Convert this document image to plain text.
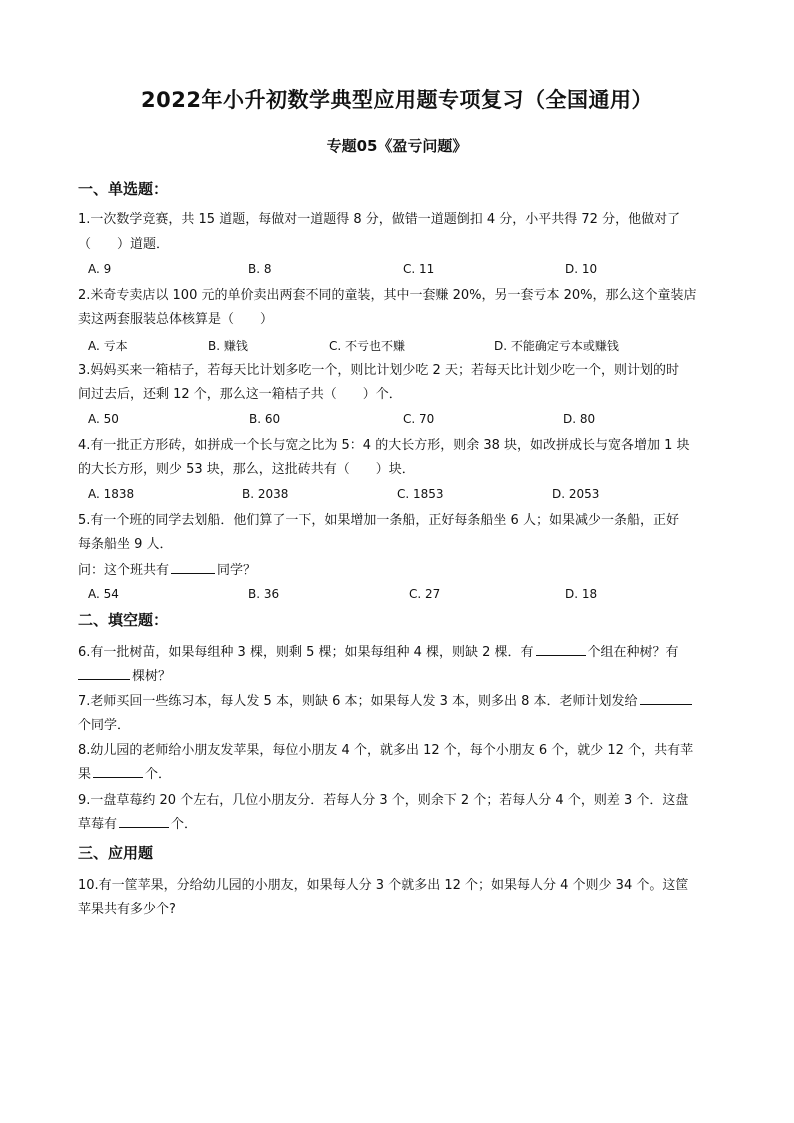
2022年小升初数学典型应用题专项复习（全国通用）
专题05《盈亏问题》
一、单选题：
1.一次数学竞赛，共 15 道题，每做对一道题得 8 分，做错一道题倒扣 4 分，小平共得 72 分，他做对了
（　　）道题．
A. 9	B. 8	C. 11	D. 10
2.米奇专卖店以 100 元的单价卖出两套不同的童装，其中一套赚 20%，另一套亏本 20%，那么这个童装店
卖这两套服装总体核算是（　　）
A. 亏本	B. 赚钱	C. 不亏也不赚	D. 不能确定亏本或赚钱
3.妈妈买来一箱桔子，若每天比计划多吃一个，则比计划少吃 2 天；若每天比计划少吃一个，则计划的时
间过去后，还剩 12 个，那么这一箱桔子共（　　）个．
A. 50	B. 60	C. 70	D. 80
4.有一批正方形砖，如拼成一个长与宽之比为 5：4 的大长方形，则余 38 块，如改拼成长与宽各增加 1 块
的大长方形，则少 53 块，那么，这批砖共有（　　）块．
A. 1838	B. 2038	C. 1853	D. 2053
5.有一个班的同学去划船．他们算了一下，如果增加一条船，正好每条船坐 6 人；如果减少一条船，正好
每条船坐 9 人．
问：这个班共有	同学？
A. 54	B. 36	C. 27	D. 18
二、填空题：
6.有一批树苗，如果每组种 3 棵，则剩 5 棵；如果每组种 4 棵，则缺 2 棵．有	个组在种树？有
棵树？
7.老师买回一些练习本，每人发 5 本，则缺 6 本；如果每人发 3 本，则多出 8 本．老师计划发给
个同学．
8.幼儿园的老师给小朋友发苹果，每位小朋友 4 个，就多出 12 个，每个小朋友 6 个，就少 12 个，共有苹
果	个．
9.一盘草莓约 20 个左右，几位小朋友分．若每人分 3 个，则余下 2 个；若每人分 4 个，则差 3 个．这盘
草莓有	个．
三、应用题
10.有一筐苹果，分给幼儿园的小朋友，如果每人分 3 个就多出 12 个；如果每人分 4 个则少 34 个。这筐
苹果共有多少个?
